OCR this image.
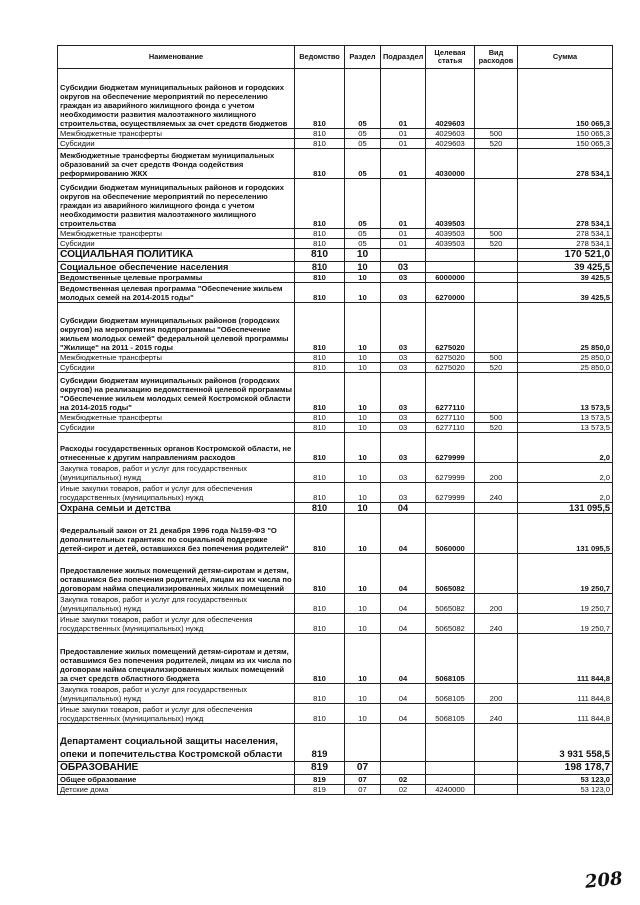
Наименование	Ведомство	Раздел	Подраздел	Целевая статья	Вид расходов	Сумма
Субсидии бюджетам муниципальных районов и городских округов на обеспечение мероприятий по переселению граждан из аварийного жилищного фонда с учетом необходимости развития малоэтажного жилищного строительства, осуществляемых за счет средств бюджетов	810	05	01	4029603		150 065,3
Межбюджетные трансферты	810	05	01	4029603	500	150 065,3
Субсидии	810	05	01	4029603	520	150 065,3
Межбюджетные трансферты бюджетам муниципальных образований за счет средств Фонда содействия реформированию ЖКХ	810	05	01	4030000		278 534,1
Субсидии бюджетам муниципальных районов и городских округов на обеспечение мероприятий по переселению граждан из аварийного жилищного фонда с учетом необходимости развития малоэтажного жилищного строительства	810	05	01	4039503		278 534,1
Межбюджетные трансферты	810	05	01	4039503	500	278 534,1
Субсидии	810	05	01	4039503	520	278 534,1
СОЦИАЛЬНАЯ ПОЛИТИКА	810	10				170 521,0
Социальное обеспечение населения	810	10	03			39 425,5
Ведомственные целевые программы	810	10	03	6000000		39 425,5
Ведомственная целевая программа "Обеспечение жильем молодых семей на 2014-2015 годы"	810	10	03	6270000		39 425,5
Субсидии бюджетам муниципальных районов (городских округов) на мероприятия подпрограммы "Обеспечение жильем молодых семей" федеральной целевой программы "Жилище" на 2011 - 2015 годы	810	10	03	6275020		25 850,0
Межбюджетные трансферты	810	10	03	6275020	500	25 850,0
Субсидии	810	10	03	6275020	520	25 850,0
Субсидии бюджетам муниципальных районов (городских округов) на реализацию ведомственной целевой программы "Обеспечение жильем молодых семей Костромской области на 2014-2015 годы"	810	10	03	6277110		13 573,5
Межбюджетные трансферты	810	10	03	6277110	500	13 573,5
Субсидии	810	10	03	6277110	520	13 573,5
Расходы государственных органов Костромской области, не отнесенные к другим направлениям расходов	810	10	03	6279999		2,0
Закупка товаров, работ и услуг для государственных (муниципальных) нужд	810	10	03	6279999	200	2,0
Иные закупки товаров, работ и услуг для обеспечения государственных (муниципальных) нужд	810	10	03	6279999	240	2,0
Охрана семьи и детства	810	10	04			131 095,5
Федеральный закон от 21 декабря 1996 года №159-ФЗ "О дополнительных гарантиях по социальной поддержке детей-сирот и детей, оставшихся без попечения родителей"	810	10	04	5060000		131 095,5
Предоставление жилых помещений детям-сиротам и детям, оставшимся без попечения родителей, лицам из их числа по договорам найма специализированных жилых помещений	810	10	04	5065082		19 250,7
Закупка товаров, работ и услуг для государственных (муниципальных) нужд	810	10	04	5065082	200	19 250,7
Иные закупки товаров, работ и услуг для обеспечения государственных (муниципальных) нужд	810	10	04	5065082	240	19 250,7
Предоставление жилых помещений детям-сиротам и детям, оставшимся без попечения родителей, лицам из их числа по договорам найма специализированных жилых помещений за счет средств областного бюджета	810	10	04	5068105		111 844,8
Закупка товаров, работ и услуг для государственных (муниципальных) нужд	810	10	04	5068105	200	111 844,8
Иные закупки товаров, работ и услуг для обеспечения государственных (муниципальных) нужд	810	10	04	5068105	240	111 844,8
Департамент социальной защиты населения, опеки и попечительства Костромской области	819					3 931 558,5
ОБРАЗОВАНИЕ	819	07				198 178,7
Общее образование	819	07	02			53 123,0
Детские дома	819	07	02	4240000		53 123,0
208
